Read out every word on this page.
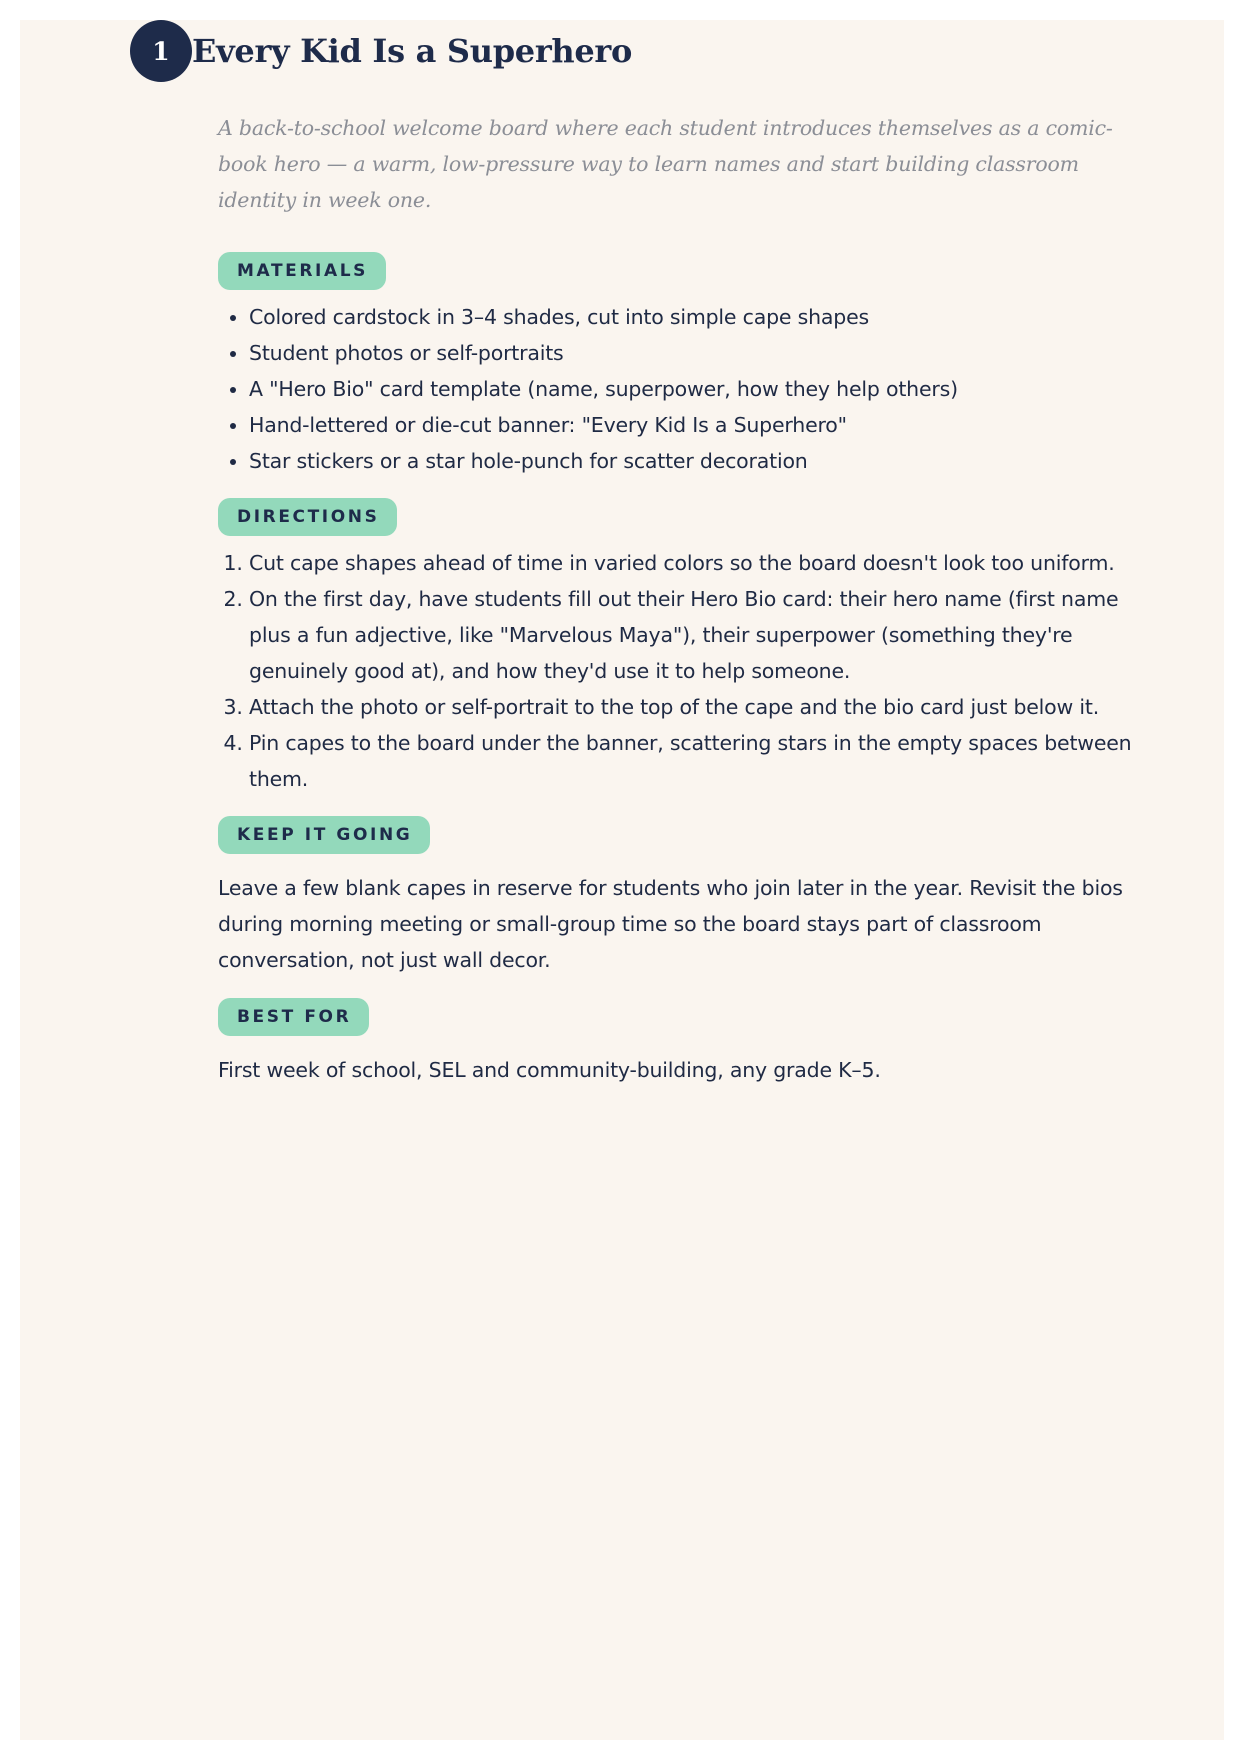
1 Every Kid Is a Superhero

A back-to-school welcome board where each student introduces themselves as a comic-book hero — a warm, low-pressure way to learn names and start building classroom identity in week one.

MATERIALS
• Colored cardstock in 3–4 shades, cut into simple cape shapes
• Student photos or self-portraits
• A "Hero Bio" card template (name, superpower, how they help others)
• Hand-lettered or die-cut banner: "Every Kid Is a Superhero"
• Star stickers or a star hole-punch for scatter decoration
DIRECTIONS
1. Cut cape shapes ahead of time in varied colors so the board doesn't look too uniform.
2. On the first day, have students fill out their Hero Bio card: their hero name (first name plus a fun adjective, like "Marvelous Maya"), their superpower (something they're genuinely good at), and how they'd use it to help someone.
3. Attach the photo or self-portrait to the top of the cape and the bio card just below it.
4. Pin capes to the board under the banner, scattering stars in the empty spaces between them.
KEEP IT GOING

Leave a few blank capes in reserve for students who join later in the year. Revisit the bios during morning meeting or small-group time so the board stays part of classroom conversation, not just wall decor.

BEST FOR

First week of school, SEL and community-building, any grade K–5.
